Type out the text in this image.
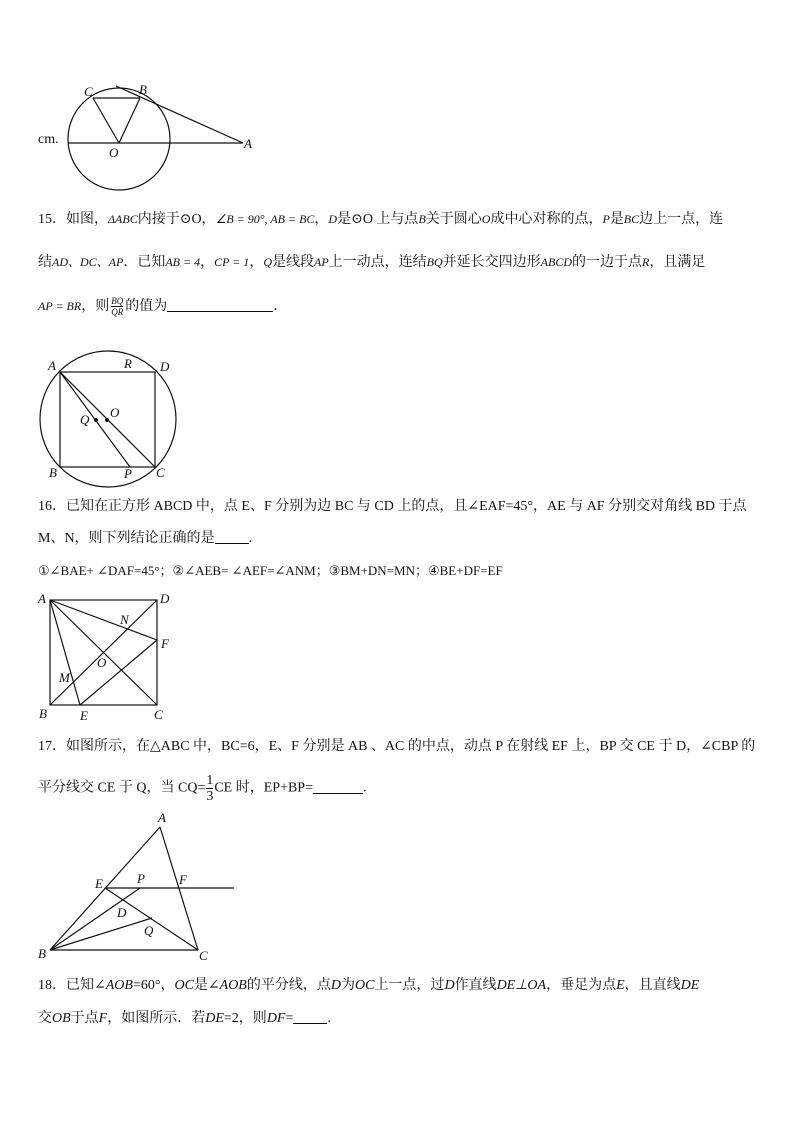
cm.
C	B
O
A
15．如图，ΔABC内接于⊙O，∠B = 90°, AB = BC，D是⊙O 上与点B关于圆心O成中心对称的点，P是BC边上一点，连
结AD、DC、AP．已知AB = 4，CP = 1，Q是线段AP上一动点，连结BQ并延长交四边形ABCD的一边于点R，且满足
AP = BR，则 $\frac{BQ}{QR}$ 的值为	．
A	R D
Q O
B	P C
16．已知在正方形 ABCD 中，点 E、F 分别为边 BC 与 CD 上的点，且∠EAF=45°，AE 与 AF 分别交对角线 BD 于点
M、N，则下列结论正确的是 .
①∠BAE+ ∠DAF=45°；②∠AEB= ∠AEF=∠ANM；③BM+DN=MN；④BE+DF=EF
A	D
N
F
O
M
B	E	C
17．如图所示，在△ABC 中，BC=6，E、F 分别是 AB 、AC 的中点，动点 P 在射线 EF 上，BP 交 CE 于 D，∠CBP 的
平分线交 CE 于 Q，当 $CQ= \frac{1}{3}$ CE 时，EP+BP=	.
A
E	P	F
D
Q
B	C
18．已知∠AOB=60°，OC是∠AOB的平分线，点D为OC上一点，过D作直线DE⊥OA，垂足为点E，且直线DE
交OB于点F，如图所示．若DE=2，则DF= .
